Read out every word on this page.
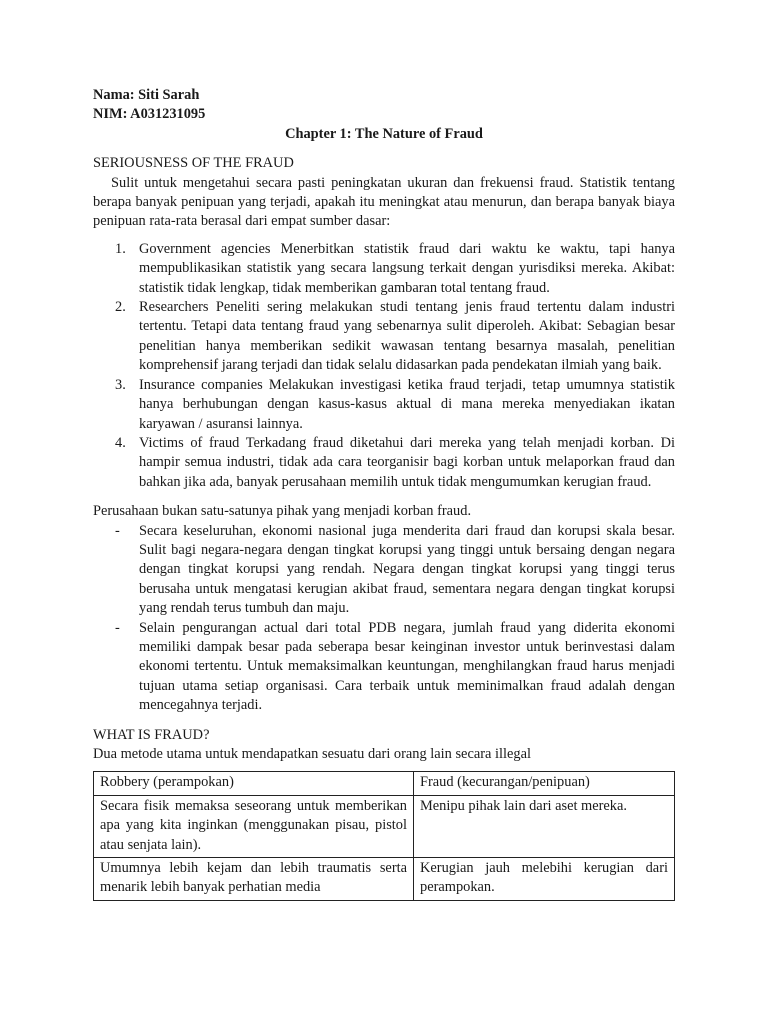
Nama: Siti Sarah
NIM: A031231095
Chapter 1: The Nature of Fraud
SERIOUSNESS OF THE FRAUD
Sulit untuk mengetahui secara pasti peningkatan ukuran dan frekuensi fraud. Statistik tentang berapa banyak penipuan yang terjadi, apakah itu meningkat atau menurun, dan berapa banyak biaya penipuan rata-rata berasal dari empat sumber dasar:
1. Government agencies Menerbitkan statistik fraud dari waktu ke waktu, tapi hanya mempublikasikan statistik yang secara langsung terkait dengan yurisdiksi mereka. Akibat: statistik tidak lengkap, tidak memberikan gambaran total tentang fraud.
2. Researchers Peneliti sering melakukan studi tentang jenis fraud tertentu dalam industri tertentu. Tetapi data tentang fraud yang sebenarnya sulit diperoleh. Akibat: Sebagian besar penelitian hanya memberikan sedikit wawasan tentang besarnya masalah, penelitian komprehensif jarang terjadi dan tidak selalu didasarkan pada pendekatan ilmiah yang baik.
3. Insurance companies Melakukan investigasi ketika fraud terjadi, tetap umumnya statistik hanya berhubungan dengan kasus-kasus aktual di mana mereka menyediakan ikatan karyawan / asuransi lainnya.
4. Victims of fraud Terkadang fraud diketahui dari mereka yang telah menjadi korban. Di hampir semua industri, tidak ada cara teorganisir bagi korban untuk melaporkan fraud dan bahkan jika ada, banyak perusahaan memilih untuk tidak mengumumkan kerugian fraud.
Perusahaan bukan satu-satunya pihak yang menjadi korban fraud.
- Secara keseluruhan, ekonomi nasional juga menderita dari fraud dan korupsi skala besar. Sulit bagi negara-negara dengan tingkat korupsi yang tinggi untuk bersaing dengan negara dengan tingkat korupsi yang rendah. Negara dengan tingkat korupsi yang tinggi terus berusaha untuk mengatasi kerugian akibat fraud, sementara negara dengan tingkat korupsi yang rendah terus tumbuh dan maju.
- Selain pengurangan actual dari total PDB negara, jumlah fraud yang diderita ekonomi memiliki dampak besar pada seberapa besar keinginan investor untuk berinvestasi dalam ekonomi tertentu. Untuk memaksimalkan keuntungan, menghilangkan fraud harus menjadi tujuan utama setiap organisasi. Cara terbaik untuk meminimalkan fraud adalah dengan mencegahnya terjadi.
WHAT IS FRAUD?
Dua metode utama untuk mendapatkan sesuatu dari orang lain secara illegal
Robbery (perampokan)	Fraud (kecurangan/penipuan)
Secara fisik memaksa seseorang untuk memberikan apa yang kita inginkan (menggunakan pisau, pistol atau senjata lain).	Menipu pihak lain dari aset mereka.
Umumnya lebih kejam dan lebih traumatis serta menarik lebih banyak perhatian media	Kerugian jauh melebihi kerugian dari perampokan.
